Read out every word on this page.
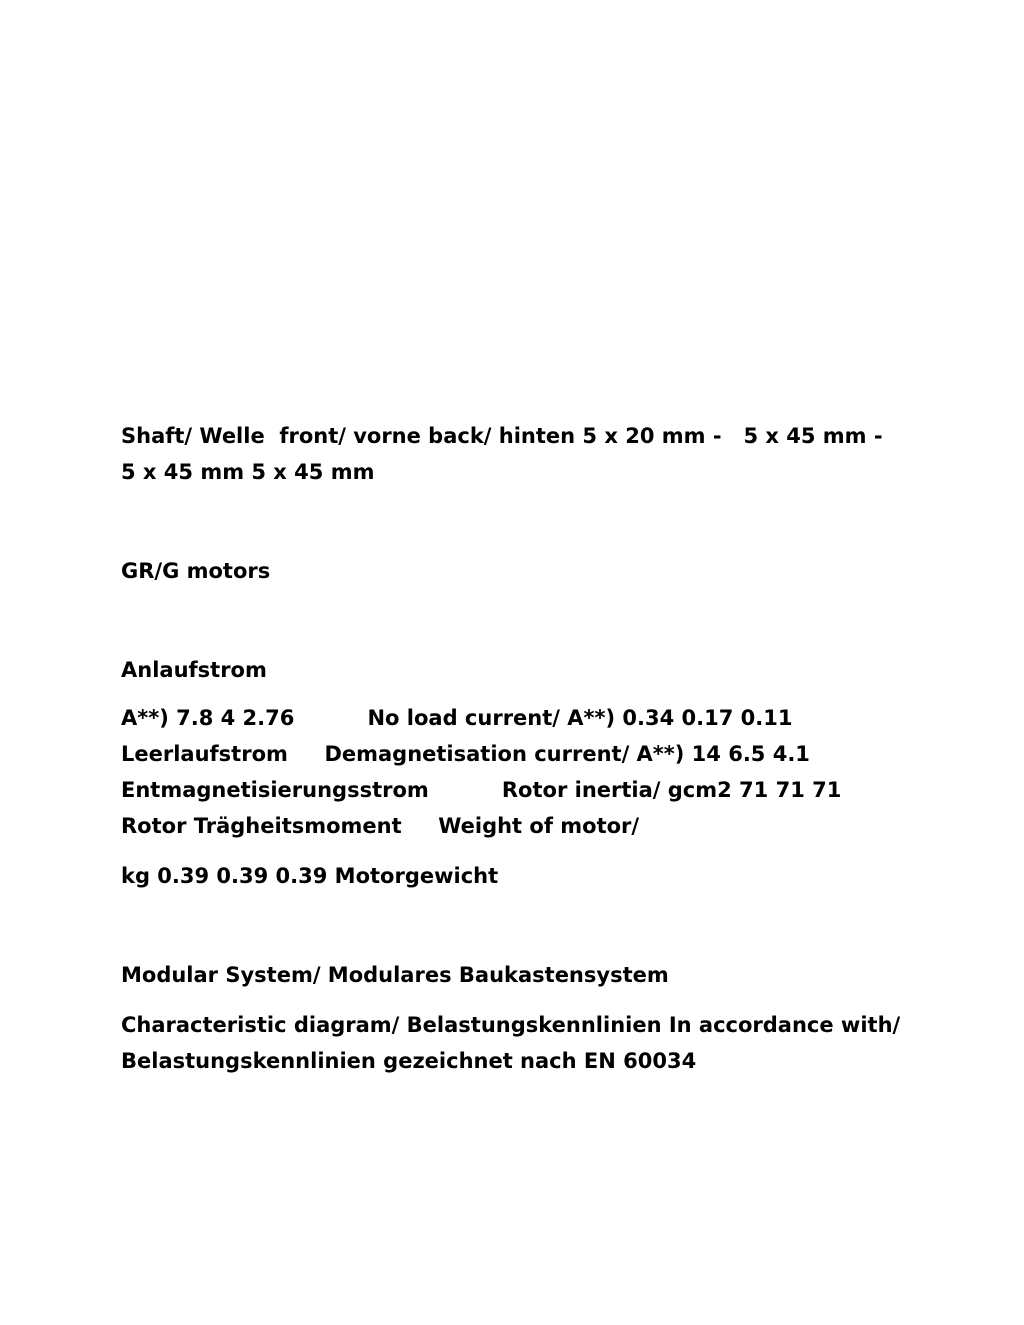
Shaft/ Welle  front/ vorne back/ hinten 5 x 20 mm -   5 x 45 mm -
5 x 45 mm 5 x 45 mm
GR/G motors
Anlaufstrom
A**) 7.8 4 2.76          No load current/ A**) 0.34 0.17 0.11
Leerlaufstrom     Demagnetisation current/ A**) 14 6.5 4.1
Entmagnetisierungsstrom          Rotor inertia/ gcm2 71 71 71
Rotor Trägheitsmoment     Weight of motor/
kg 0.39 0.39 0.39 Motorgewicht
Modular System/ Modulares Baukastensystem
Characteristic diagram/ Belastungskennlinien In accordance with/
Belastungskennlinien gezeichnet nach EN 60034
